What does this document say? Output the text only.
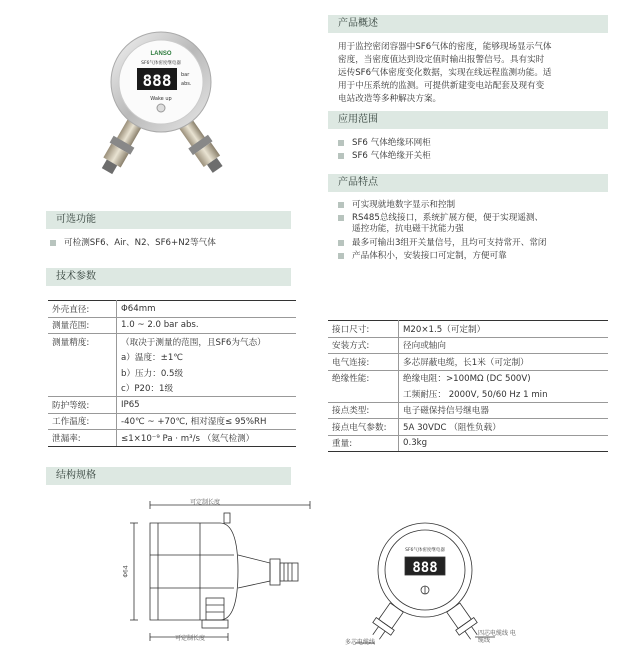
LANSO
SF6气体密度继电器
888 bar
abs.
Wake up
产品概述
用于监控密闭容器中SF6气体的密度，能够现场显示气体
密度，当密度值达到设定值时输出报警信号。具有实时
远传SF6气体密度变化数据，实现在线远程监测功能。适
用于中压系统的监测。可提供新建变电站配套及现有变
电站改造等多种解决方案。
应用范围
SF6 气体绝缘环网柜
SF6 气体绝缘开关柜
产品特点
可实现就地数字显示和控制
RS485总线接口，系统扩展方便，便于实现遥测、
遥控功能，抗电磁干扰能力强
最多可输出3组开关量信号，且均可支持常开、常闭
产品体积小，安装接口可定制，方便可靠
可选功能
可检测SF6、Air、N2、SF6+N2等气体
技术参数
外壳直径:	Φ64mm
测量范围:	1.0 ~ 2.0 bar abs.
测量精度:	（取决于测量的范围，且SF6为气态）
	a）温度：±1℃
	b）压力：0.5级
	c）P20：1级
防护等级:	IP65
工作温度:	-40℃ ~ +70℃, 相对湿度≤ 95%RH
泄漏率:	≤1×10⁻⁹ Pa · m³/s （氦气检测）
接口尺寸:	M20×1.5（可定制）
安装方式:	径向或轴向
电气连接:	多芯屏蔽电缆，长1米（可定制）
绝缘性能:	绝缘电阻：>100MΩ (DC 500V)
	工频耐压： 2000V, 50/60 Hz 1 min
接点类型:	电子磁保持信号继电器
接点电气参数:	5A 30VDC （阻性负载）
重量:	0.3kg
结构规格
可定制长度
可定制长度
Φ64
SF6气体密度继电器
888
多芯电缆线
四芯电缆线 电缆线
